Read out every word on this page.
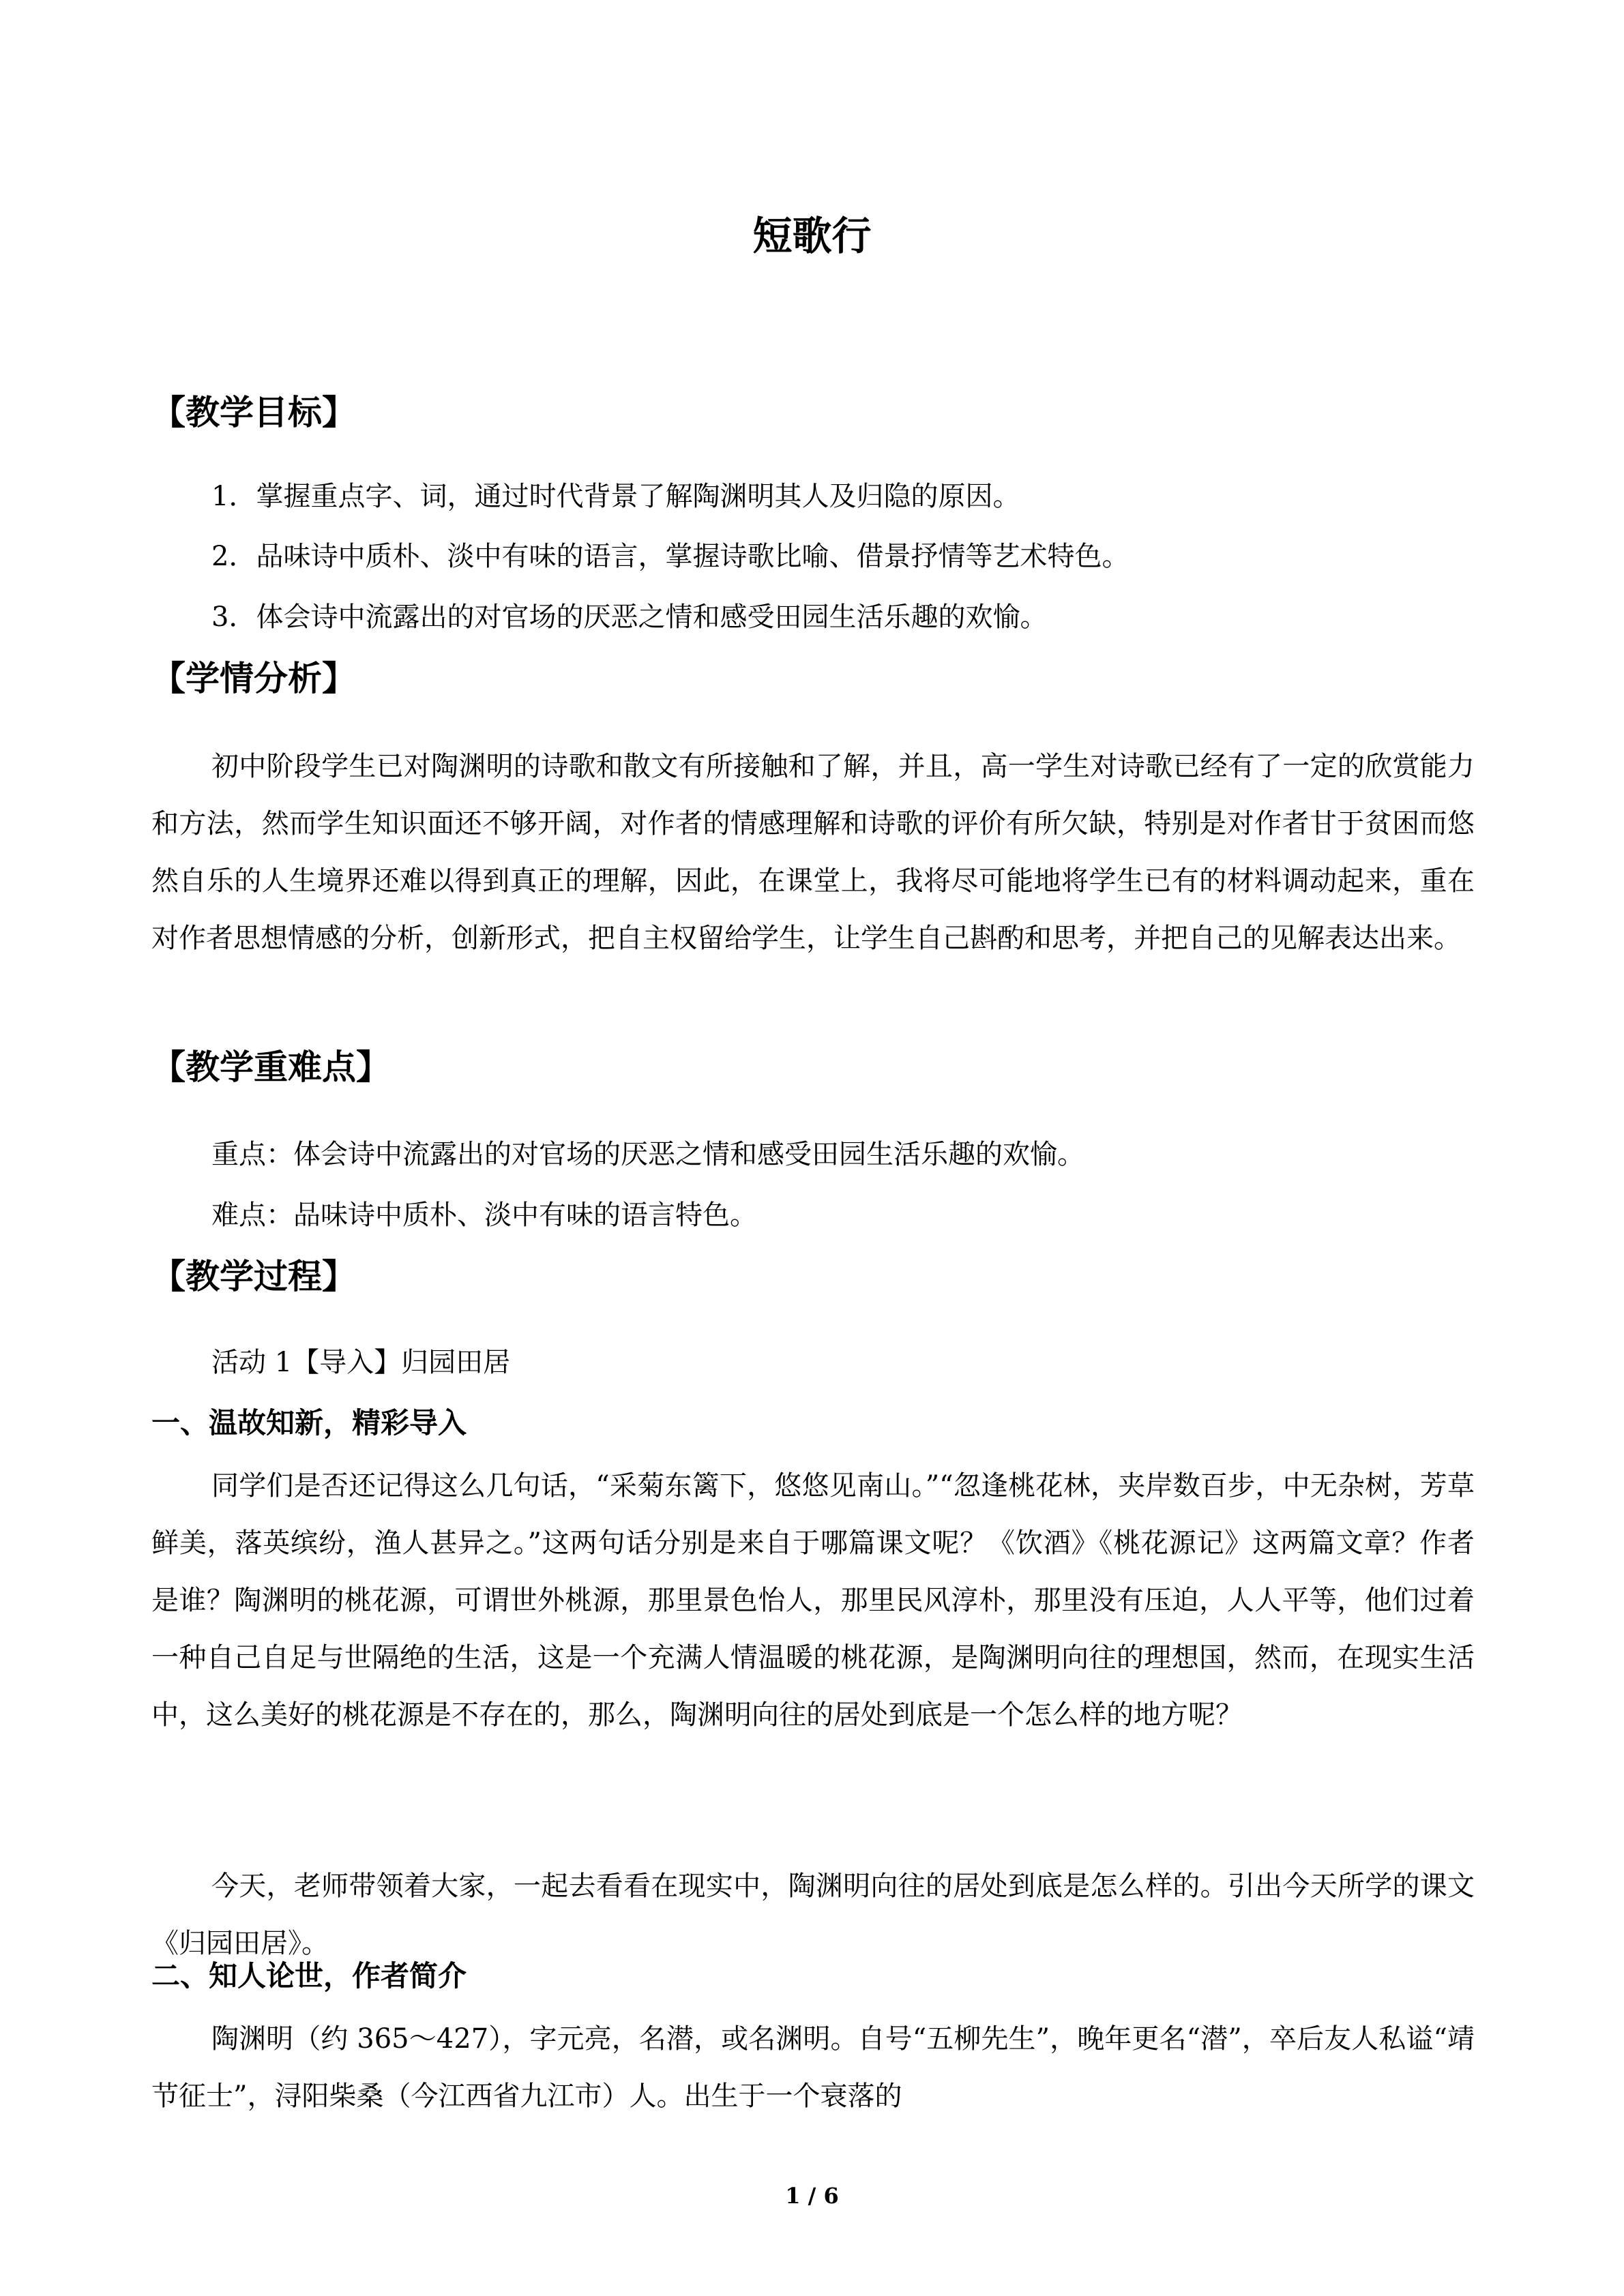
短歌行
【教学目标】
1．掌握重点字、词，通过时代背景了解陶渊明其人及归隐的原因。
2．品味诗中质朴、淡中有味的语言，掌握诗歌比喻、借景抒情等艺术特色。
3．体会诗中流露出的对官场的厌恶之情和感受田园生活乐趣的欢愉。
【学情分析】

初中阶段学生已对陶渊明的诗歌和散文有所接触和了解，并且，高一学生对诗歌已经有了一定的欣赏能力和方法，然而学生知识面还不够开阔，对作者的情感理解和诗歌的评价有所欠缺，特别是对作者甘于贫困而悠然自乐的人生境界还难以得到真正的理解，因此，在课堂上，我将尽可能地将学生已有的材料调动起来，重在对作者思想情感的分析，创新形式，把自主权留给学生，让学生自己斟酌和思考，并把自己的见解表达出来。

【教学重难点】
重点：体会诗中流露出的对官场的厌恶之情和感受田园生活乐趣的欢愉。
难点：品味诗中质朴、淡中有味的语言特色。
【教学过程】
活动 1【导入】归园田居
一、温故知新，精彩导入

同学们是否还记得这么几句话，“采菊东篱下，悠悠见南山。”“忽逢桃花林，夹岸数百步，中无杂树，芳草鲜美，落英缤纷，渔人甚异之。”这两句话分别是来自于哪篇课文呢？《饮酒》《桃花源记》这两篇文章？作者是谁？陶渊明的桃花源，可谓世外桃源，那里景色怡人，那里民风淳朴，那里没有压迫，人人平等，他们过着一种自己自足与世隔绝的生活，这是一个充满人情温暖的桃花源，是陶渊明向往的理想国，然而，在现实生活中，这么美好的桃花源是不存在的，那么，陶渊明向往的居处到底是一个怎么样的地方呢？

今天，老师带领着大家，一起去看看在现实中，陶渊明向往的居处到底是怎么样的。引出今天所学的课文《归园田居》。

二、知人论世，作者简介

陶渊明（约 365～427），字元亮，名潜，或名渊明。自号“五柳先生”，晚年更名“潜”，卒后友人私谥“靖节征士”，浔阳柴桑（今江西省九江市）人。出生于一个衰落的

1 / 6
